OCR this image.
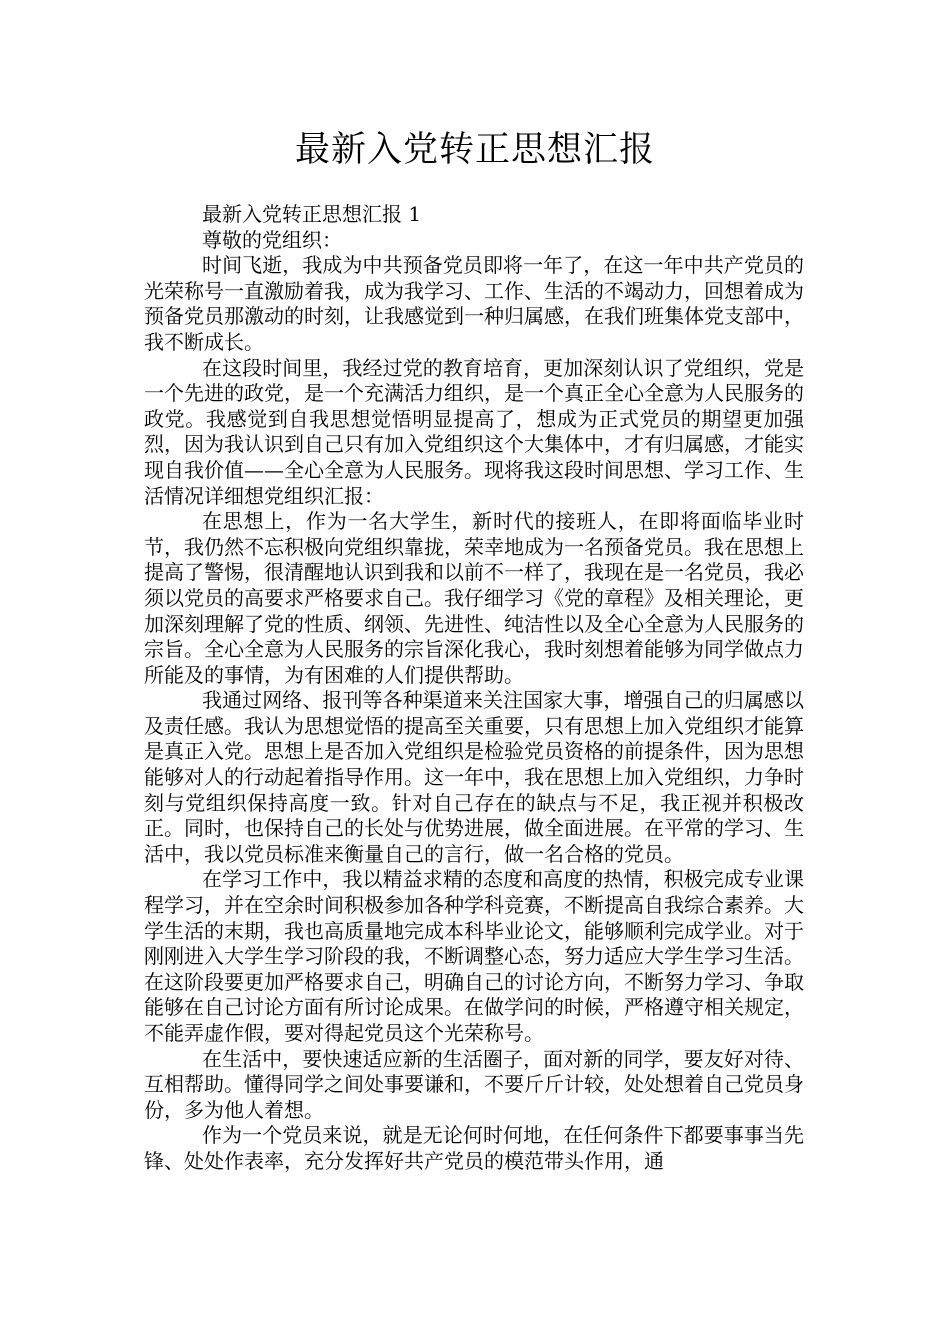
最新入党转正思想汇报

最新入党转正思想汇报 1

尊敬的党组织：

时间飞逝，我成为中共预备党员即将一年了，在这一年中共产党员的光荣称号一直激励着我，成为我学习、工作、生活的不竭动力，回想着成为预备党员那激动的时刻，让我感觉到一种归属感，在我们班集体党支部中，我不断成长。

在这段时间里，我经过党的教育培育，更加深刻认识了党组织，党是一个先进的政党，是一个充满活力组织，是一个真正全心全意为人民服务的政党。我感觉到自我思想觉悟明显提高了，想成为正式党员的期望更加强烈，因为我认识到自己只有加入党组织这个大集体中，才有归属感，才能实现自我价值——全心全意为人民服务。现将我这段时间思想、学习工作、生活情况详细想党组织汇报：

在思想上，作为一名大学生，新时代的接班人，在即将面临毕业时节，我仍然不忘积极向党组织靠拢，荣幸地成为一名预备党员。我在思想上提高了警惕，很清醒地认识到我和以前不一样了，我现在是一名党员，我必须以党员的高要求严格要求自己。我仔细学习《党的章程》及相关理论，更加深刻理解了党的性质、纲领、先进性、纯洁性以及全心全意为人民服务的宗旨。全心全意为人民服务的宗旨深化我心，我时刻想着能够为同学做点力所能及的事情，为有困难的人们提供帮助。

我通过网络、报刊等各种渠道来关注国家大事，增强自己的归属感以及责任感。我认为思想觉悟的提高至关重要，只有思想上加入党组织才能算是真正入党。思想上是否加入党组织是检验党员资格的前提条件，因为思想能够对人的行动起着指导作用。这一年中，我在思想上加入党组织，力争时刻与党组织保持高度一致。针对自己存在的缺点与不足，我正视并积极改正。同时，也保持自己的长处与优势进展，做全面进展。在平常的学习、生活中，我以党员标准来衡量自己的言行，做一名合格的党员。

在学习工作中，我以精益求精的态度和高度的热情，积极完成专业课程学习，并在空余时间积极参加各种学科竞赛，不断提高自我综合素养。大学生活的末期，我也高质量地完成本科毕业论文，能够顺利完成学业。对于刚刚进入大学生学习阶段的我，不断调整心态，努力适应大学生学习生活。在这阶段要更加严格要求自己，明确自己的讨论方向，不断努力学习、争取能够在自己讨论方面有所讨论成果。在做学问的时候，严格遵守相关规定，不能弄虚作假，要对得起党员这个光荣称号。

在生活中，要快速适应新的生活圈子，面对新的同学，要友好对待、互相帮助。懂得同学之间处事要谦和，不要斤斤计较，处处想着自己党员身份，多为他人着想。

作为一个党员来说，就是无论何时何地，在任何条件下都要事事当先锋、处处作表率，充分发挥好共产党员的模范带头作用，通
